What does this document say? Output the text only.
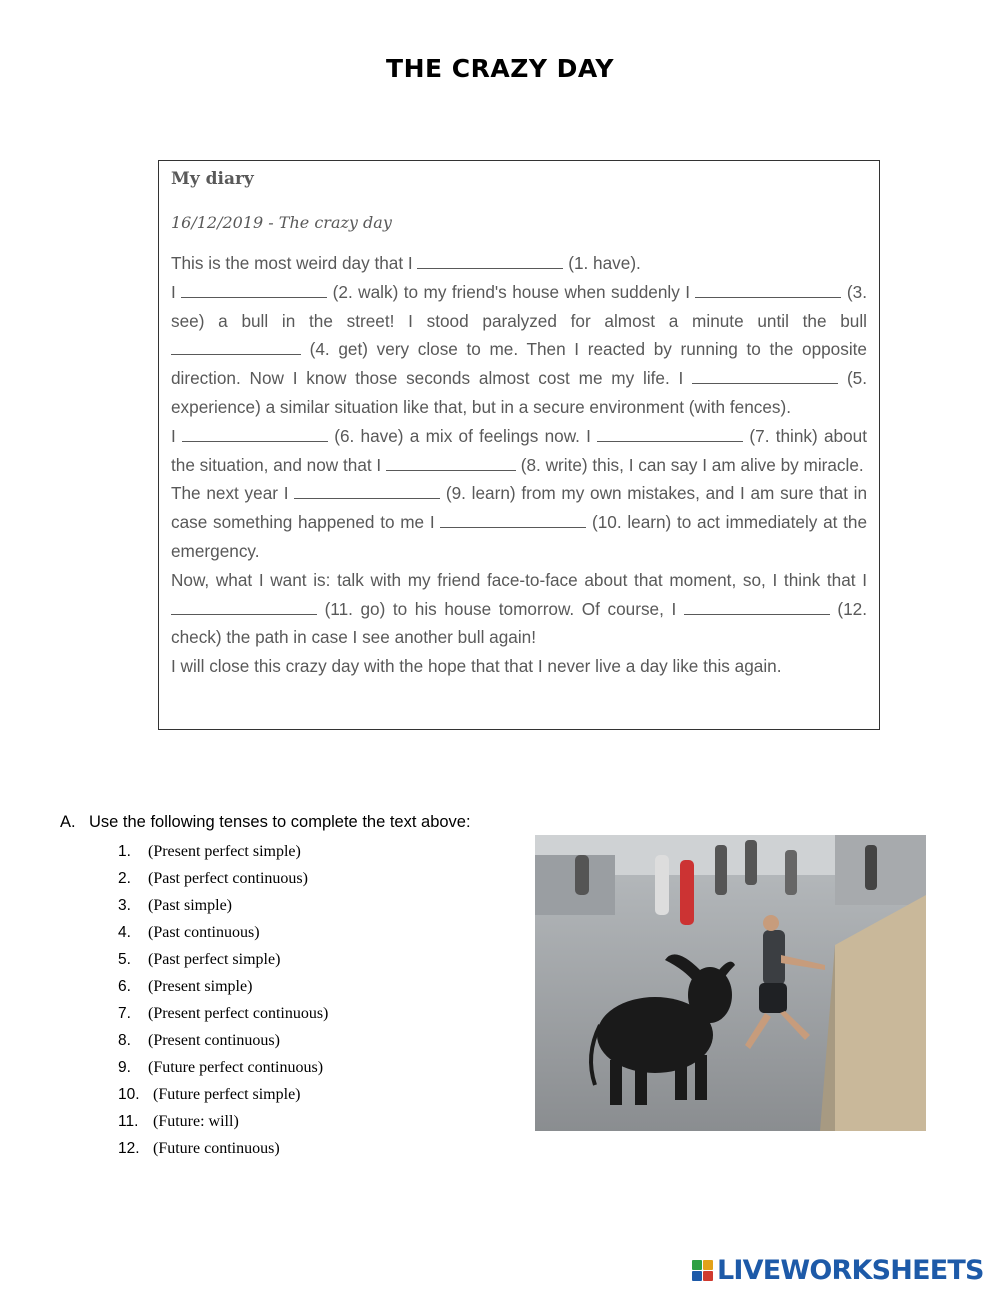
THE CRAZY DAY
My diary
16/12/2019 - The crazy day

This is the most weird day that I	(1. have).

I	(2. walk) to my friend's house when suddenly I	(3. see) a bull in the street! I stood paralyzed for almost a minute until the bull  (4. get) very close to me. Then I reacted by running to the opposite direction. Now I know those seconds almost cost me my life. I	(5. experience) a similar situation like that, but in a secure environment (with fences).

I	(6. have) a mix of feelings now. I	(7. think) about the situation, and now that I	(8. write) this, I can say I am alive by miracle.

The next year I	(9. learn) from my own mistakes, and I am sure that in case something happened to me I	(10. learn) to act immediately at the emergency.

Now, what I want is: talk with my friend face-to-face about that moment, so, I think that I  (11. go) to his house tomorrow. Of course, I	(12. check) the path in case I see another bull again!

I will close this crazy day with the hope that that I never live a day like this again.

A. Use the following tenses to complete the text above:
1. (Present perfect simple)
2. (Past perfect continuous)
3. (Past simple)
4. (Past continuous)
5. (Past perfect simple)
6. (Present simple)
7. (Present perfect continuous)
8. (Present continuous)
9. (Future perfect continuous)
10. (Future perfect simple)
11. (Future: will)
12. (Future continuous)
LIVEWORKSHEETS
